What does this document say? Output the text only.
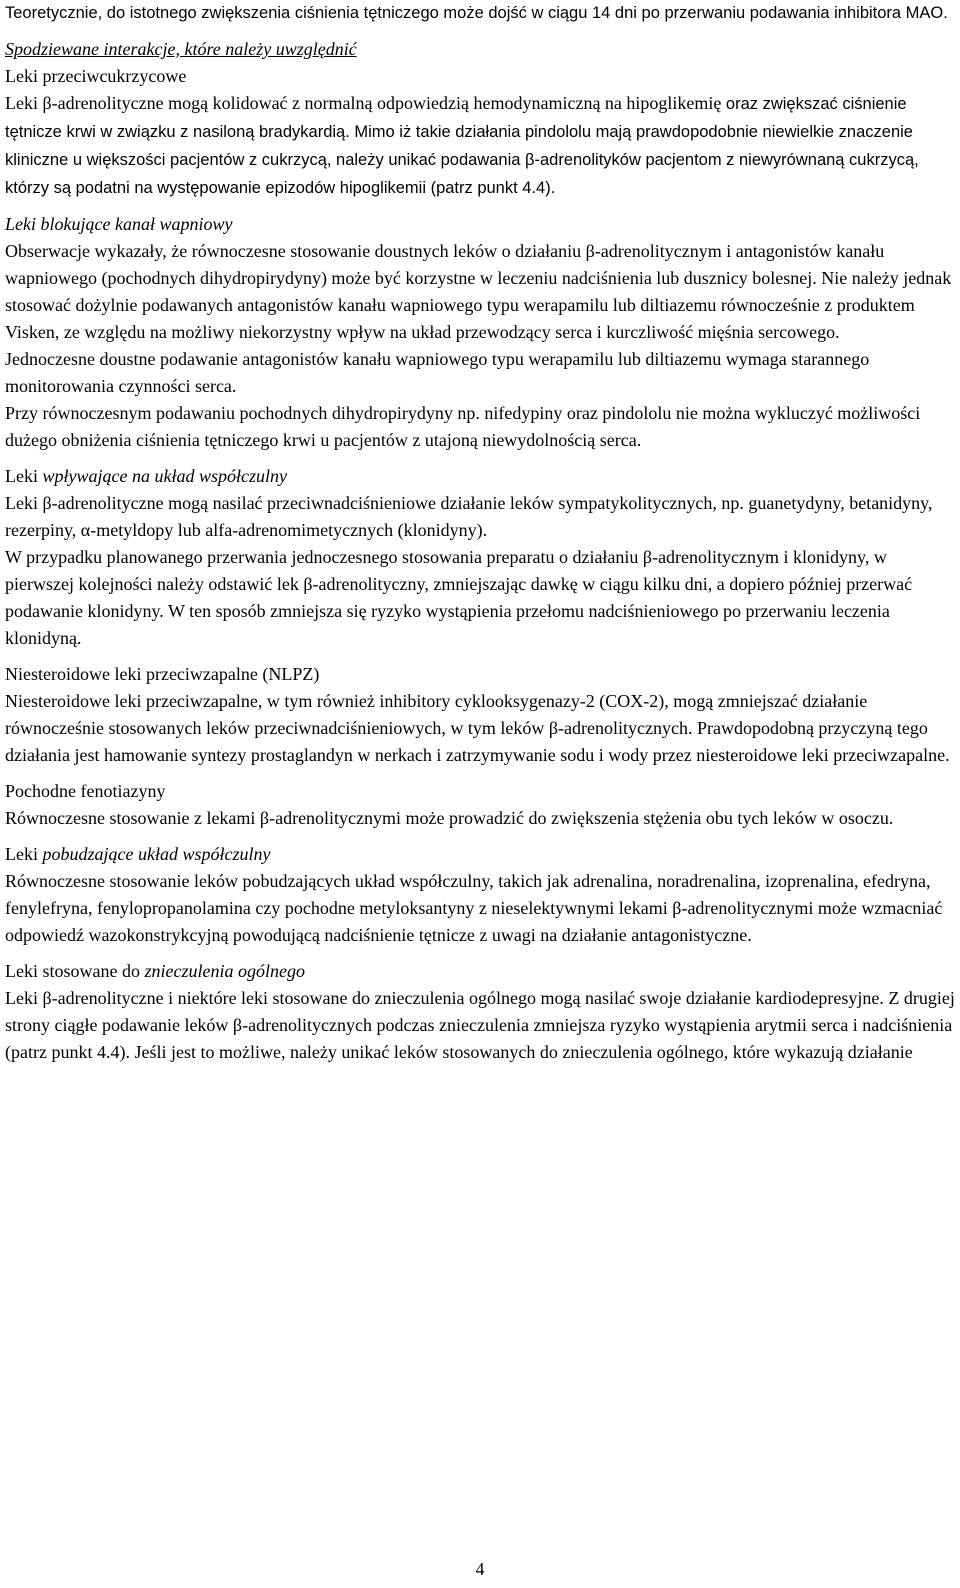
Teoretycznie, do istotnego zwiększenia ciśnienia tętniczego może dojść w ciągu 14 dni po przerwaniu podawania inhibitora MAO.

Spodziewane interakcje, które należy uwzględnić

Leki przeciwcukrzycowe

Leki β-adrenolityczne mogą kolidować z normalną odpowiedzią hemodynamiczną na hipoglikemię oraz zwiększać ciśnienie tętnicze krwi w związku z nasiloną bradykardią. Mimo iż takie działania pindololu mają prawdopodobnie niewielkie znaczenie kliniczne u większości pacjentów z cukrzycą, należy unikać podawania β-adrenolityków pacjentom z niewyrównaną cukrzycą, którzy są podatni na występowanie epizodów hipoglikemii (patrz punkt 4.4).

Leki blokujące kanał wapniowy

Obserwacje wykazały, że równoczesne stosowanie doustnych leków o działaniu β-adrenolitycznym i antagonistów kanału wapniowego (pochodnych dihydropirydyny) może być korzystne w leczeniu nadciśnienia lub dusznicy bolesnej. Nie należy jednak stosować dożylnie podawanych antagonistów kanału wapniowego typu werapamilu lub diltiazemu równocześnie z produktem Visken, ze względu na możliwy niekorzystny wpływ na układ przewodzący serca i kurczliwość mięśnia sercowego.

Jednoczesne doustne podawanie antagonistów kanału wapniowego typu werapamilu lub diltiazemu wymaga starannego monitorowania czynności serca.

Przy równoczesnym podawaniu pochodnych dihydropirydyny np. nifedypiny oraz pindololu nie można wykluczyć możliwości dużego obniżenia ciśnienia tętniczego krwi u pacjentów z utajoną niewydolnością serca.

Leki wpływające na układ współczulny

Leki β-adrenolityczne mogą nasilać przeciwnadciśnieniowe działanie leków sympatykolitycznych, np. guanetydyny, betanidyny, rezerpiny, α-metyldopy lub alfa-adrenomimetycznych (klonidyny).

W przypadku planowanego przerwania jednoczesnego stosowania preparatu o działaniu β-adrenolitycznym i klonidyny, w pierwszej kolejności należy odstawić lek β-adrenolityczny, zmniejszając dawkę w ciągu kilku dni, a dopiero później przerwać podawanie klonidyny. W ten sposób zmniejsza się ryzyko wystąpienia przełomu nadciśnieniowego po przerwaniu leczenia klonidyną.

Niesteroidowe leki przeciwzapalne (NLPZ)

Niesteroidowe leki przeciwzapalne, w tym również inhibitory cyklooksygenazy-2 (COX-2), mogą zmniejszać działanie równocześnie stosowanych leków przeciwnadciśnieniowych, w tym leków β-adrenolitycznych. Prawdopodobną przyczyną tego działania jest hamowanie syntezy prostaglandyn w nerkach i zatrzymywanie sodu i wody przez niesteroidowe leki przeciwzapalne.

Pochodne fenotiazyny

Równoczesne stosowanie z lekami β-adrenolitycznymi może prowadzić do zwiększenia stężenia obu tych leków w osoczu.

Leki pobudzające układ współczulny

Równoczesne stosowanie leków pobudzających układ współczulny, takich jak adrenalina, noradrenalina, izoprenalina, efedryna, fenylefryna, fenylopropanolamina czy pochodne metyloksantyny z nieselektywnymi lekami β-adrenolitycznymi może wzmacniać odpowiedź wazokonstrykcyjną powodującą nadciśnienie tętnicze z uwagi na działanie antagonistyczne.

Leki stosowane do znieczulenia ogólnego

Leki β-adrenolityczne i niektóre leki stosowane do znieczulenia ogólnego mogą nasilać swoje działanie kardiodepresyjne. Z drugiej strony ciągłe podawanie leków β-adrenolitycznych podczas znieczulenia zmniejsza ryzyko wystąpienia arytmii serca i nadciśnienia (patrz punkt 4.4). Jeśli jest to możliwe, należy unikać leków stosowanych do znieczulenia ogólnego, które wykazują działanie

4
